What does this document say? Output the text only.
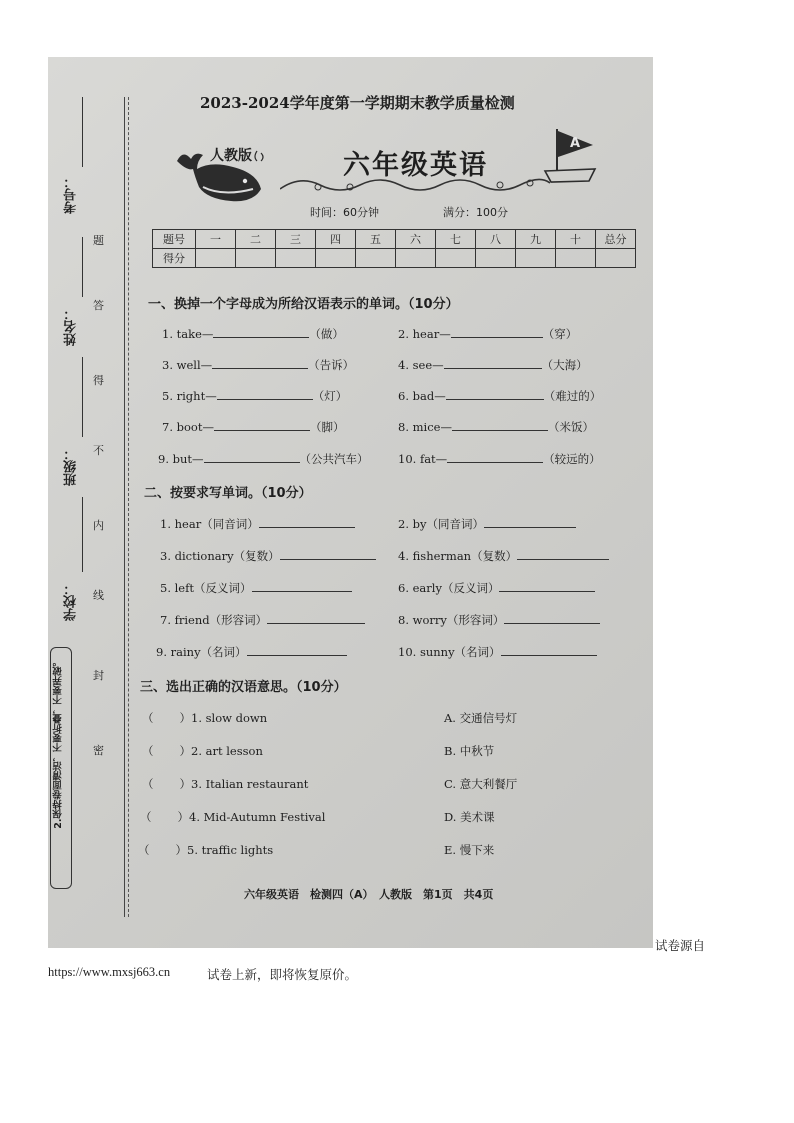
考号：
姓名：
班级：
学校：
题
答
得
不
内
线
封
密
2.保持卷面清洁，不要折叠，不要弄破。
2023-2024学年度第一学期期末教学质量检测
人教版	六年级英语
A
时间：60分钟	满分：100分
题号	一	二	三	四	五	六	七	八	九	十	总分
得分											
一、换掉一个字母成为所给汉语表示的单词。（10分）
1. take—	（做）	2. hear—	（穿）
3. well—	（告诉）	4. see—	（大海）
5. right—	（灯）	6. bad—	（难过的）
7. boot—	（脚）	8. mice—	（米饭）
9. but—	（公共汽车）	10. fat—	（较远的）
二、按要求写单词。（10分）
1. hear（同音词）	2. by（同音词）
3. dictionary（复数）	4. fisherman（复数）
5. left（反义词）	6. early（反义词）
7. friend（形容词）	8. worry（形容词）
9. rainy（名词）	10. sunny（名词）
三、选出正确的汉语意思。（10分）
（ ）1. slow down	A. 交通信号灯
（ ）2. art lesson	B. 中秋节
（ ）3. Italian restaurant	C. 意大利餐厅
（ ）4. Mid-Autumn Festival	D. 美术课
（ ）5. traffic lights	E. 慢下来
六年级英语　检测四（A）　人教版　第1页　共4页
试卷源自
https://www.mxsj663.cn	试卷上新，即将恢复原价。
